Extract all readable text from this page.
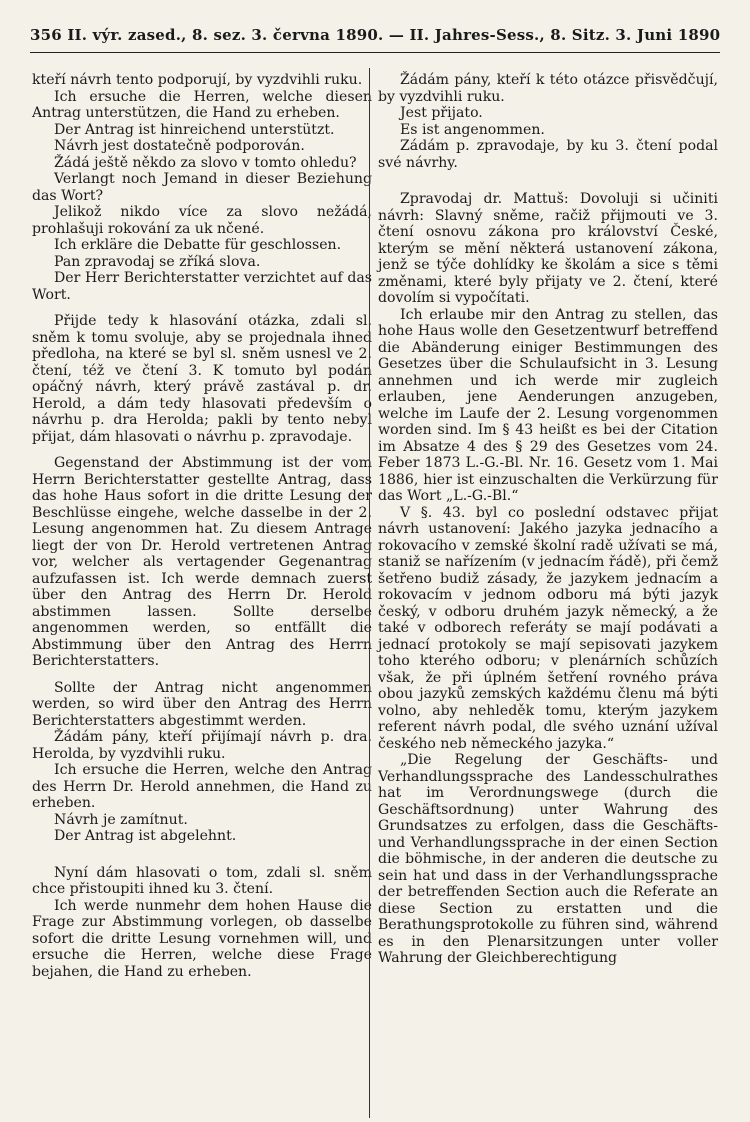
356 II. výr. zased., 8. sez. 3. června 1890. — II. Jahres-Sess., 8. Sitz. 3. Juni 1890

kteří návrh tento podporují, by vyzdvihli ruku.

Ich ersuche die Herren, welche diesen Antrag unterstützen, die Hand zu erheben.

Der Antrag ist hinreichend unterstützt.

Návrh jest dostatečně podporován.

Žádá ještě někdo za slovo v tomto ohledu?

Verlangt noch Jemand in dieser Beziehung das Wort?

Jelikož nikdo více za slovo nežádá, prohlašuji rokování za uk nčené.

Ich erkläre die Debatte für geschlossen.

Pan zpravodaj se zříká slova.

Der Herr Berichterstatter verzichtet auf das Wort.

Přijde tedy k hlasování otázka, zdali sl. sněm k tomu svoluje, aby se projednala ihned předloha, na které se byl sl. sněm usnesl ve 2. čtení, též ve čtení 3. K tomuto byl podán opáčný návrh, který právě zastával p. dr. Herold, a dám tedy hlasovati především o návrhu p. dra Herolda; pakli by tento nebyl přijat, dám hlasovati o návrhu p. zpravodaje.

Gegenstand der Abstimmung ist der vom Herrn Berichterstatter gestellte Antrag, dass das hohe Haus sofort in die dritte Lesung der Beschlüsse eingehe, welche dasselbe in der 2. Lesung angenommen hat. Zu diesem Antrage liegt der von Dr. Herold vertretenen Antrag vor, welcher als vertagender Gegenantrag aufzufassen ist. Ich werde demnach zuerst über den Antrag des Herrn Dr. Herold abstimmen lassen. Sollte derselbe angenommen werden, so entfällt die Abstimmung über den Antrag des Herrn Berichterstatters.

Sollte der Antrag nicht angenommen werden, so wird über den Antrag des Herrn Berichterstatters abgestimmt werden.

Žádám pány, kteří přijímají návrh p. dra. Herolda, by vyzdvihli ruku.

Ich ersuche die Herren, welche den Antrag des Herrn Dr. Herold annehmen, die Hand zu erheben.

Návrh je zamítnut.

Der Antrag ist abgelehnt.

Nyní dám hlasovati o tom, zdali sl. sněm chce přistoupiti ihned ku 3. čtení.

Ich werde nunmehr dem hohen Hause die Frage zur Abstimmung vorlegen, ob dasselbe sofort die dritte Lesung vornehmen will, und ersuche die Herren, welche diese Frage bejahen, die Hand zu erheben.

Žádám pány, kteří k této otázce přisvědčují, by vyzdvihli ruku.

Jest přijato.

Es ist angenommen.

Zádám p. zpravodaje, by ku 3. čtení podal své návrhy.

Zpravodaj dr. Mattuš: Dovoluji si učiniti návrh: Slavný sněme, račiž přijmouti ve 3. čtení osnovu zákona pro království České, kterým se mění některá ustanovení zákona, jenž se týče dohlídky ke školám a sice s těmi změnami, které byly přijaty ve 2. čtení, které dovolím si vypočítati.

Ich erlaube mir den Antrag zu stellen, das hohe Haus wolle den Gesetzentwurf betreffend die Abänderung einiger Bestimmungen des Gesetzes über die Schulaufsicht in 3. Lesung annehmen und ich werde mir zugleich erlauben, jene Aenderungen anzugeben, welche im Laufe der 2. Lesung vorgenommen worden sind. Im § 43 heißt es bei der Citation im Absatze 4 des § 29 des Gesetzes vom 24. Feber 1873 L.-G.-Bl. Nr. 16. Gesetz vom 1. Mai 1886, hier ist einzuschalten die Verkürzung für das Wort „L.-G.-Bl.“

V §. 43. byl co poslední odstavec přijat návrh ustanovení: Jakého jazyka jednacího a rokovacího v zemské školní radě užívati se má, staniž se nařízením (v jednacím řádě), při čemž šetřeno budiž zásady, že jazykem jednacím a rokovacím v jednom odboru má býti jazyk český, v odboru druhém jazyk německý, a že také v odborech referáty se mají podávati a jednací protokoly se mají sepisovati jazykem toho kterého odboru; v plenárních schůzích však, že při úplném šetření rovného práva obou jazyků zemských každému členu má býti volno, aby nehleděk tomu, kterým jazykem referent návrh podal, dle svého uznání užíval českého neb německého jazyka.“

„Die Regelung der Geschäfts- und Verhandlungssprache des Landesschulrathes hat im Verordnungswege (durch die Geschäftsordnung) unter Wahrung des Grundsatzes zu erfolgen, dass die Geschäfts- und Verhandlungssprache in der einen Section die böhmische, in der anderen die deutsche zu sein hat und dass in der Verhandlungssprache der betreffenden Section auch die Referate an diese Section zu erstatten und die Berathungsprotokolle zu führen sind, während es in den Plenarsitzungen unter voller Wahrung der Gleichberechtigung
